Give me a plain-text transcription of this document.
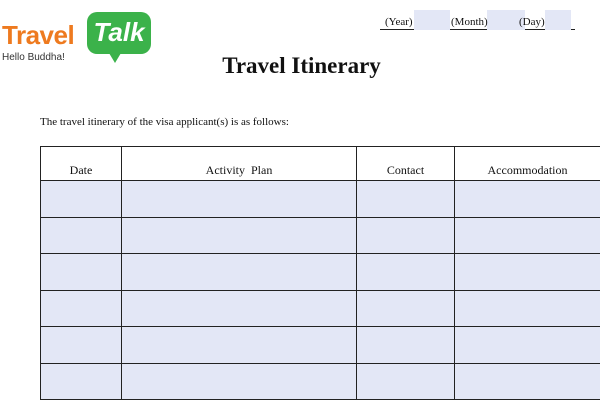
Travel Talk
Hello Buddha!
(Year)	(Month)	(Day)
Travel Itinerary

The travel itinerary of the visa applicant(s) is as follows:

Date	Activity  Plan	Contact	Accommodation
